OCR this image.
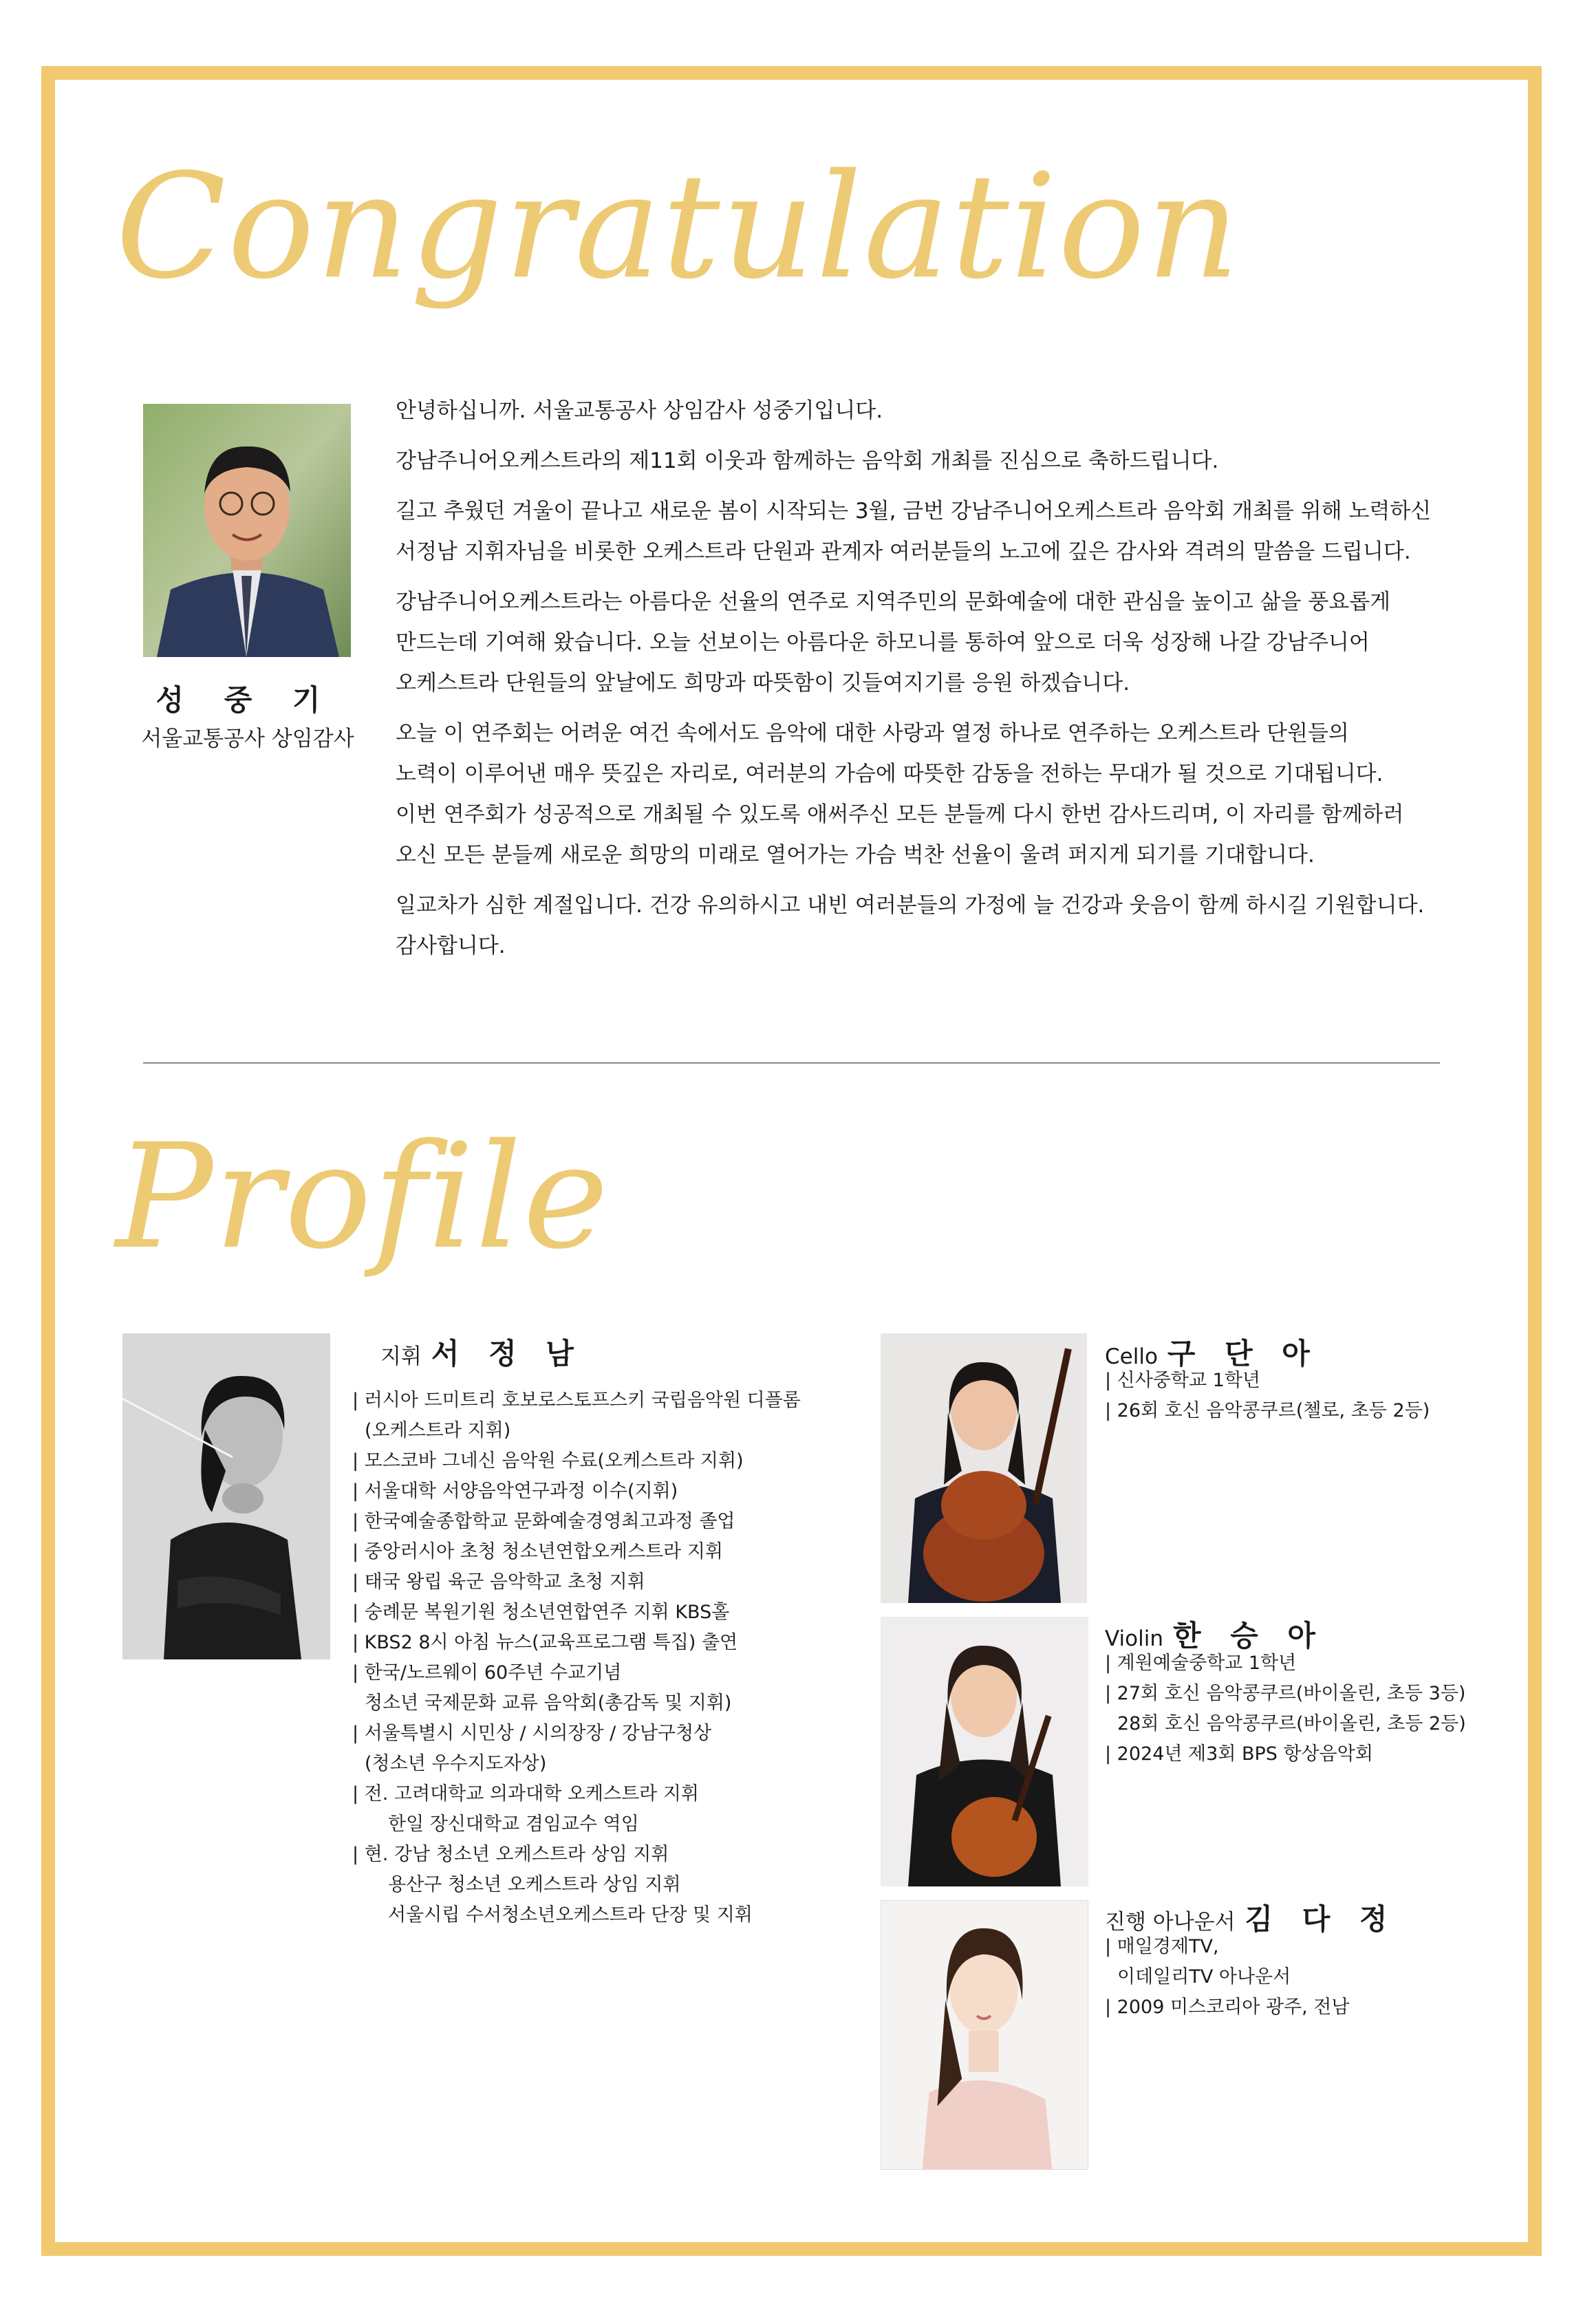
Congratulation
성 중 기
서울교통공사 상임감사

안녕하십니까. 서울교통공사 상임감사 성중기입니다.

강남주니어오케스트라의 제11회 이웃과 함께하는 음악회 개최를 진심으로 축하드립니다.

길고 추웠던 겨울이 끝나고 새로운 봄이 시작되는 3월, 금번 강남주니어오케스트라 음악회 개최를 위해 노력하신
서정남 지휘자님을 비롯한 오케스트라 단원과 관계자 여러분들의 노고에 깊은 감사와 격려의 말씀을 드립니다.

강남주니어오케스트라는 아름다운 선율의 연주로 지역주민의 문화예술에 대한 관심을 높이고 삶을 풍요롭게
만드는데 기여해 왔습니다. 오늘 선보이는 아름다운 하모니를 통하여 앞으로 더욱 성장해 나갈 강남주니어
오케스트라 단원들의 앞날에도 희망과 따뜻함이 깃들여지기를 응원 하겠습니다.

오늘 이 연주회는 어려운 여건 속에서도 음악에 대한 사랑과 열정 하나로 연주하는 오케스트라 단원들의
노력이 이루어낸 매우 뜻깊은 자리로, 여러분의 가슴에 따뜻한 감동을 전하는 무대가 될 것으로 기대됩니다.
이번 연주회가 성공적으로 개최될 수 있도록 애써주신 모든 분들께 다시 한번 감사드리며, 이 자리를 함께하러
오신 모든 분들께 새로운 희망의 미래로 열어가는 가슴 벅찬 선율이 울려 퍼지게 되기를 기대합니다.

일교차가 심한 계절입니다. 건강 유의하시고 내빈 여러분들의 가정에 늘 건강과 웃음이 함께 하시길 기원합니다.
감사합니다.

Profile
지휘 서 정 남
| 러시아 드미트리 호보로스토프스키 국립음악원 디플롬
(오케스트라 지휘)
| 모스코바 그네신 음악원 수료(오케스트라 지휘)
| 서울대학 서양음악연구과정 이수(지휘)
| 한국예술종합학교 문화예술경영최고과정 졸업
| 중앙러시아 초청 청소년연합오케스트라 지휘
| 태국 왕립 육군 음악학교 초청 지휘
| 숭례문 복원기원 청소년연합연주 지휘 KBS홀
| KBS2 8시 아침 뉴스(교육프로그램 특집) 출연
| 한국/노르웨이 60주년 수교기념
청소년 국제문화 교류 음악회(총감독 및 지휘)
| 서울특별시 시민상 / 시의장장 / 강남구청상
(청소년 우수지도자상)
| 전. 고려대학교 의과대학 오케스트라 지휘
한일 장신대학교 겸임교수 역임
| 현. 강남 청소년 오케스트라 상임 지휘
용산구 청소년 오케스트라 상임 지휘
서울시립 수서청소년오케스트라 단장 및 지휘
Cello 구 단 아
| 신사중학교 1학년
| 26회 호신 음악콩쿠르(첼로, 초등 2등)
Violin 한 승 아
| 계원예술중학교 1학년
| 27회 호신 음악콩쿠르(바이올린, 초등 3등)
28회 호신 음악콩쿠르(바이올린, 초등 2등)
| 2024년 제3회 BPS 항상음악회
진행 아나운서 김 다 정
| 매일경제TV,
이데일리TV 아나운서
| 2009 미스코리아 광주, 전남
